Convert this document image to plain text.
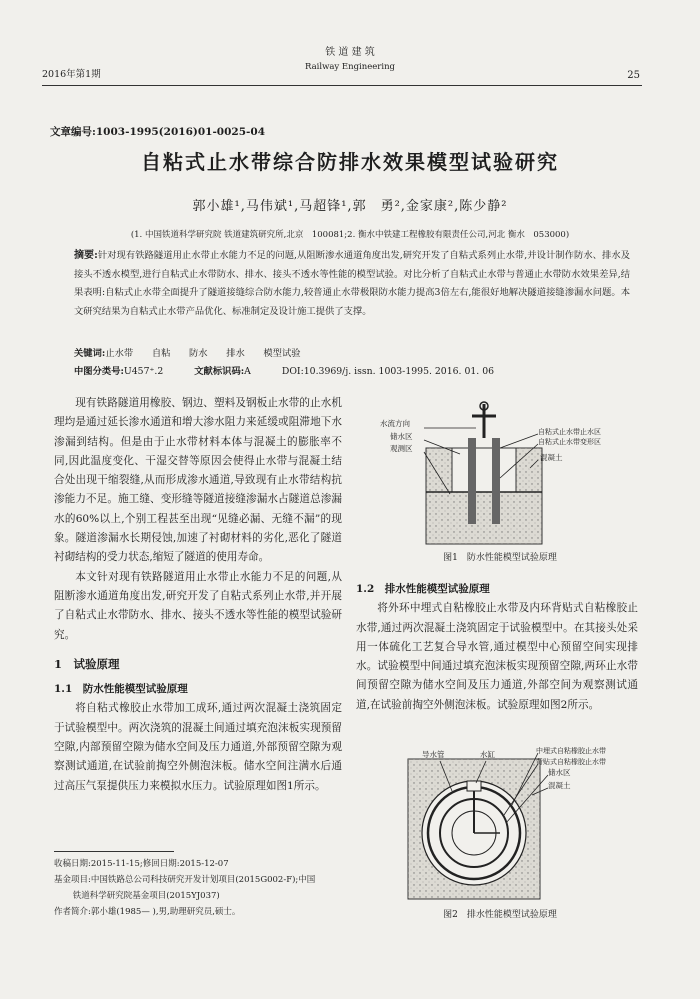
铁 道 建 筑
Railway Engineering
2016年第1期	25
文章编号:1003-1995(2016)01-0025-04
自粘式止水带综合防排水效果模型试验研究
郭小雄¹,马伟斌¹,马超锋¹,郭　勇²,金家康²,陈少静²
(1. 中国铁道科学研究院 铁道建筑研究所,北京　100081;2. 衡水中铁建工程橡胶有限责任公司,河北 衡水　053000)
摘要:针对现有铁路隧道用止水带止水能力不足的问题,从阻断渗水通道角度出发,研究开发了自粘式系列止水带,并设计制作防水、排水及接头不透水模型,进行自粘式止水带防水、排水、接头不透水等性能的模型试验。对比分析了自粘式止水带与普通止水带防水效果差异,结果表明:自粘式止水带全面提升了隧道接缝综合防水能力,较普通止水带极限防水能力提高3倍左右,能很好地解决隧道接缝渗漏水问题。本文研究结果为自粘式止水带产品优化、标准制定及设计施工提供了支撑。
关键词:止水带　　自粘　　防水　　排水　　模型试验
中图分类号:U457⁺.2	文献标识码:A	DOI:10.3969/j. issn. 1003-1995. 2016. 01. 06

现有铁路隧道用橡胶、钢边、塑料及钢板止水带的止水机理均是通过延长渗水通道和增大渗水阻力来延缓或阻滞地下水渗漏到结构。但是由于止水带材料本体与混凝土的膨胀率不同,因此温度变化、干湿交替等原因会使得止水带与混凝土结合处出现干缩裂缝,从而形成渗水通道,导致现有止水带结构抗渗能力不足。施工缝、变形缝等隧道接缝渗漏水占隧道总渗漏水的60%以上,个别工程甚至出现“见缝必漏、无缝不漏”的现象。隧道渗漏水长期侵蚀,加速了衬砌材料的劣化,恶化了隧道衬砌结构的受力状态,缩短了隧道的使用寿命。

本文针对现有铁路隧道用止水带止水能力不足的问题,从阻断渗水通道角度出发,研究开发了自粘式系列止水带,并开展了自粘式止水带防水、排水、接头不透水等性能的模型试验研究。

1　试验原理
1.1　防水性能模型试验原理

将自粘式橡胶止水带加工成环,通过两次混凝土浇筑固定于试验模型中。两次浇筑的混凝土间通过填充泡沫板实现预留空隙,内部预留空隙为储水空间及压力通道,外部预留空隙为观察测试通道,在试验前掏空外侧泡沫板。储水空间注满水后通过高压气泵提供压力来模拟水压力。试验原理如图1所示。

水流方向
储水区
观测区
自粘式止水带止水区
自粘式止水带变形区
混凝土
图1　防水性能模型试验原理
1.2　排水性能模型试验原理

将外环中埋式自粘橡胶止水带及内环背贴式自粘橡胶止水带,通过两次混凝土浇筑固定于试验模型中。在其接头处采用一体硫化工艺复合导水管,通过模型中心预留空间实现排水。试验模型中间通过填充泡沫板实现预留空隙,两环止水带间预留空隙为储水空间及压力通道,外部空间为观察测试通道,在试验前掏空外侧泡沫板。试验原理如图2所示。

导水管	水缸	中埋式自粘橡胶止水带
背贴式自粘橡胶止水带
储水区
混凝土
图2　排水性能模型试验原理
收稿日期:2015-11-15;修回日期:2015-12-07
基金项目:中国铁路总公司科技研究开发计划项目(2015G002-F);中国
铁道科学研究院基金项目(2015YJ037)
作者简介:郭小雄(1985— ),男,助理研究员,硕士。
